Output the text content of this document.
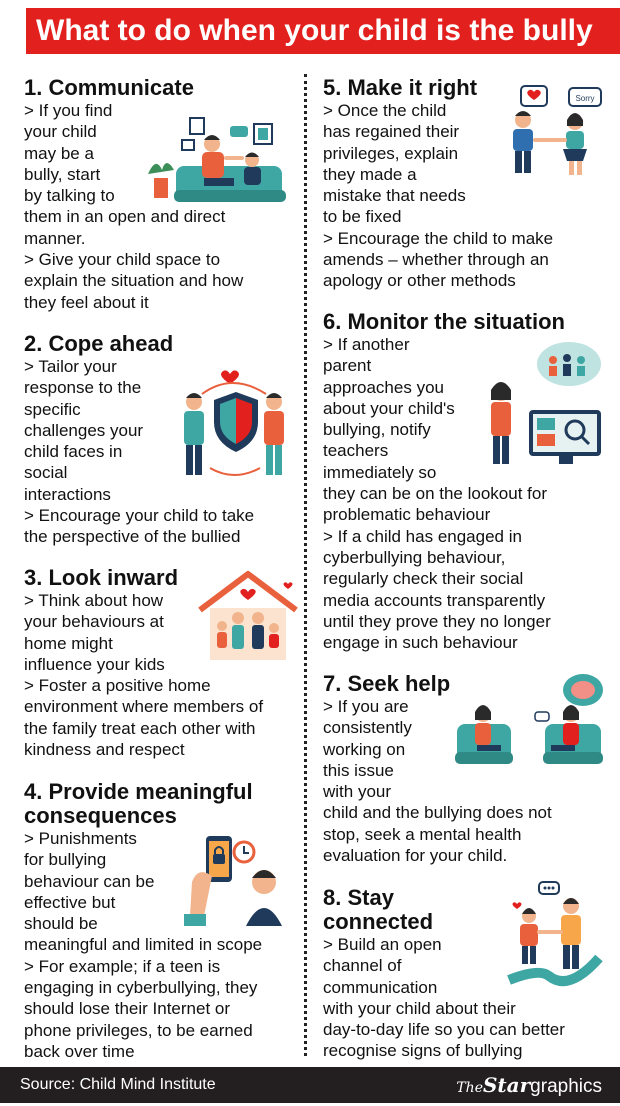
What to do when your child is the bully
1. Communicate

> If you find

your child

may be a

bully, start

by talking to

them in an open and direct

manner.

> Give your child space to

explain the situation and how

they feel about it

2. Cope ahead

> Tailor your

response to the

specific

challenges your

child faces in

social

interactions

> Encourage your child to take

the perspective of the bullied

3. Look inward

> Think about how

your behaviours at

home might

influence your kids

> Foster a positive home

environment where members of

the family treat each other with

kindness and respect

4. Provide meaningful
consequences

> Punishments

for bullying

behaviour can be

effective but

should be

meaningful and limited in scope

> For example; if a teen is

engaging in cyberbullying, they

should lose their Internet or

phone privileges, to be earned

back over time

5. Make it right

> Once the child

has regained their

privileges, explain

they made a

mistake that needs

to be fixed

> Encourage the child to make

amends – whether through an

apology or other methods

Sorry
6. Monitor the situation

> If another

parent

approaches you

about your child's

bullying, notify

teachers

immediately so

they can be on the lookout for

problematic behaviour

> If a child has engaged in

cyberbullying behaviour,

regularly check their social

media accounts transparently

until they prove they no longer

engage in such behaviour

7. Seek help

> If you are

consistently

working on

this issue

with your

child and the bullying does not

stop, seek a mental health

evaluation for your child.

8. Stay
connected

> Build an open

channel of

communication

with your child about their

day-to-day life so you can better

recognise signs of bullying

Source: Child Mind Institute	TheStargraphics
